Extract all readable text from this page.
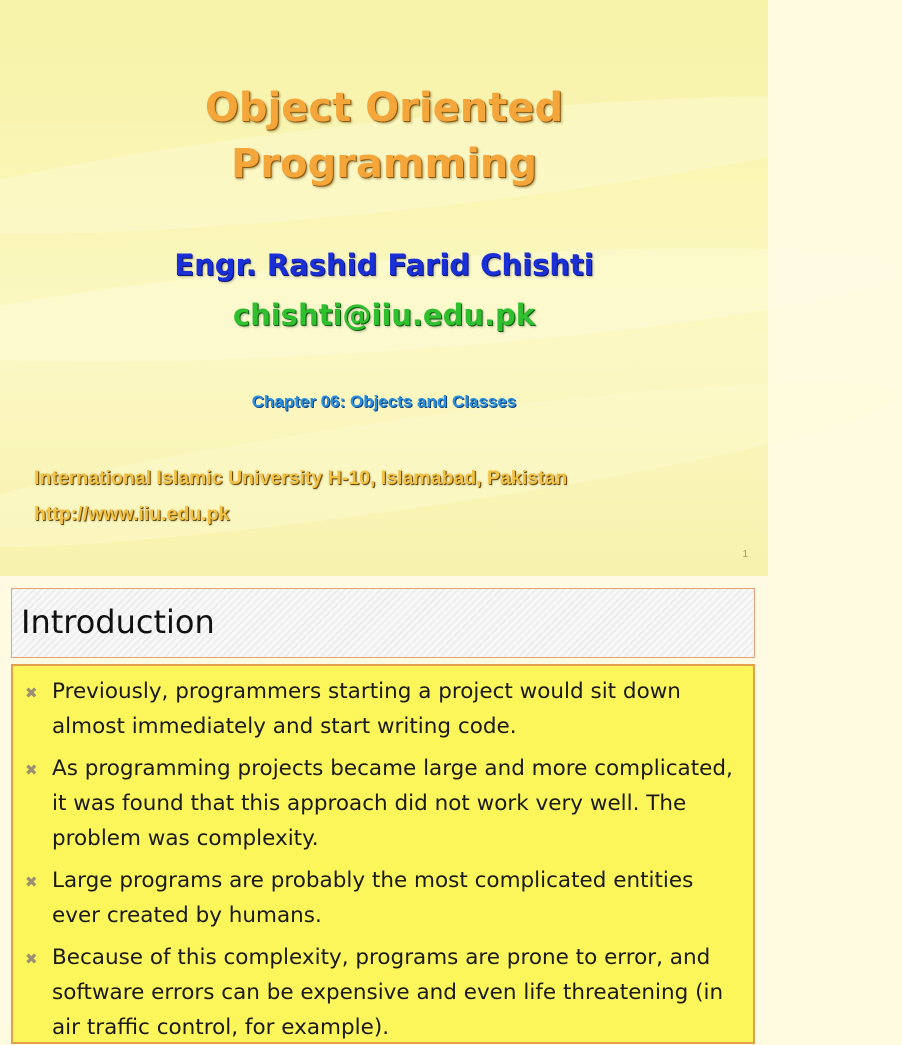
Object Oriented
Programming
Engr. Rashid Farid Chishti
chishti@iiu.edu.pk
Chapter 06: Objects and Classes
International Islamic University H-10, Islamabad, Pakistan
http://www.iiu.edu.pk
1
Introduction
✖ Previously, programmers starting a project would sit down almost immediately and start writing code.
✖ As programming projects became large and more complicated, it was found that this approach did not work very well. The problem was complexity.
✖ Large programs are probably the most complicated entities ever created by humans.
✖ Because of this complexity, programs are prone to error, and software errors can be expensive and even life threatening (in air traffic control, for example).
